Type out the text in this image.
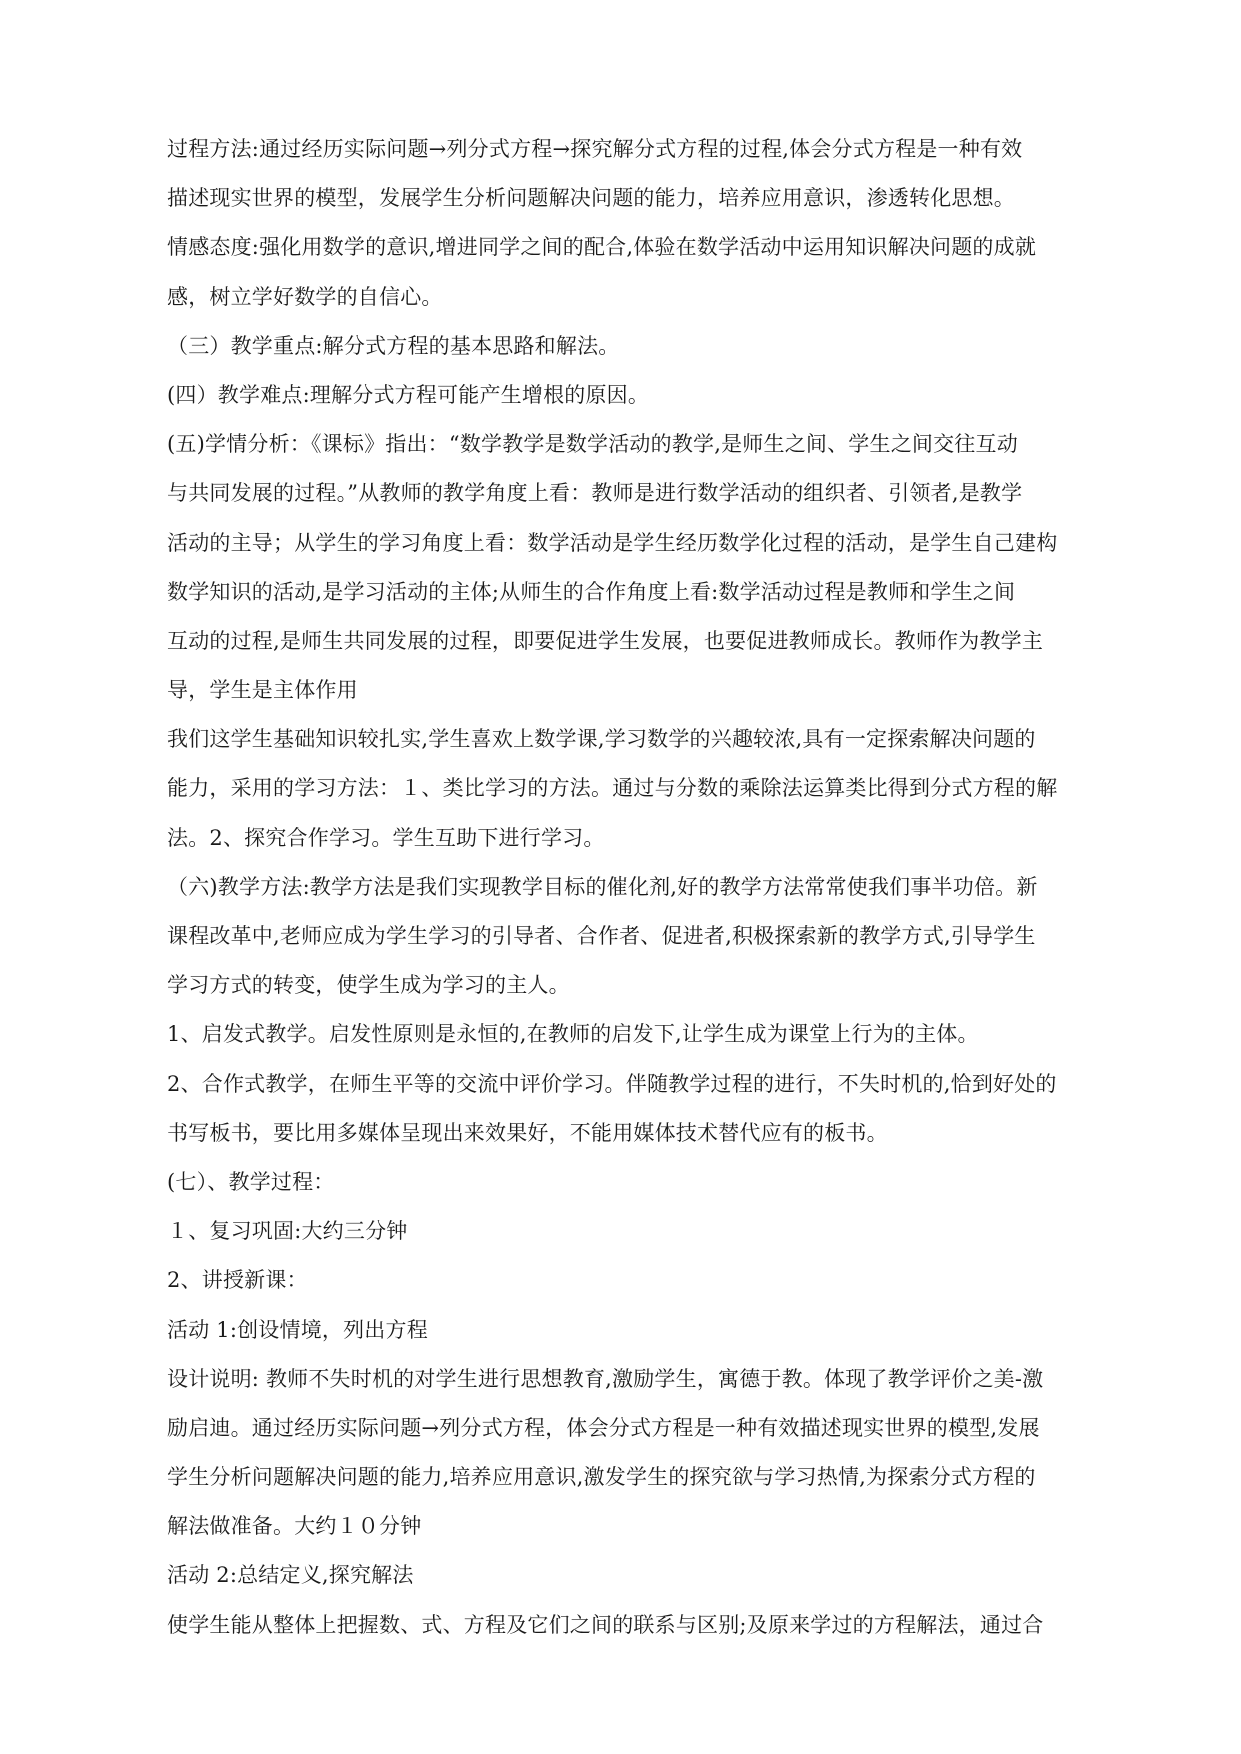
过程方法:通过经历实际问题→列分式方程→探究解分式方程的过程,体会分式方程是一种有效
描述现实世界的模型，发展学生分析问题解决问题的能力，培养应用意识，渗透转化思想。
情感态度:强化用数学的意识,增进同学之间的配合,体验在数学活动中运用知识解决问题的成就
感，树立学好数学的自信心。
（三）教学重点:解分式方程的基本思路和解法。
(四）教学难点:理解分式方程可能产生增根的原因。
(五)学情分析：《课标》指出：“数学教学是数学活动的教学,是师生之间、学生之间交往互动
与共同发展的过程。”从教师的教学角度上看：教师是进行数学活动的组织者、引领者,是教学
活动的主导；从学生的学习角度上看：数学活动是学生经历数学化过程的活动，是学生自己建构
数学知识的活动,是学习活动的主体;从师生的合作角度上看:数学活动过程是教师和学生之间
互动的过程,是师生共同发展的过程，即要促进学生发展，也要促进教师成长。教师作为教学主
导，学生是主体作用
我们这学生基础知识较扎实,学生喜欢上数学课,学习数学的兴趣较浓,具有一定探索解决问题的
能力，采用的学习方法：１、类比学习的方法。通过与分数的乘除法运算类比得到分式方程的解
法。2、探究合作学习。学生互助下进行学习。
（六)教学方法:教学方法是我们实现教学目标的催化剂,好的教学方法常常使我们事半功倍。新
课程改革中,老师应成为学生学习的引导者、合作者、促进者,积极探索新的教学方式,引导学生
学习方式的转变，使学生成为学习的主人。
1、启发式教学。启发性原则是永恒的,在教师的启发下,让学生成为课堂上行为的主体。
2、合作式教学，在师生平等的交流中评价学习。伴随教学过程的进行，不失时机的,恰到好处的
书写板书，要比用多媒体呈现出来效果好，不能用媒体技术替代应有的板书。
(七）、教学过程：
１、复习巩固:大约三分钟
2、讲授新课：
活动 1:创设情境，列出方程
设计说明: 教师不失时机的对学生进行思想教育,激励学生，寓德于教。体现了教学评价之美-激
励启迪。通过经历实际问题→列分式方程，体会分式方程是一种有效描述现实世界的模型,发展
学生分析问题解决问题的能力,培养应用意识,激发学生的探究欲与学习热情,为探索分式方程的
解法做准备。大约１０分钟
活动 2:总结定义,探究解法
使学生能从整体上把握数、式、方程及它们之间的联系与区别;及原来学过的方程解法，通过合
